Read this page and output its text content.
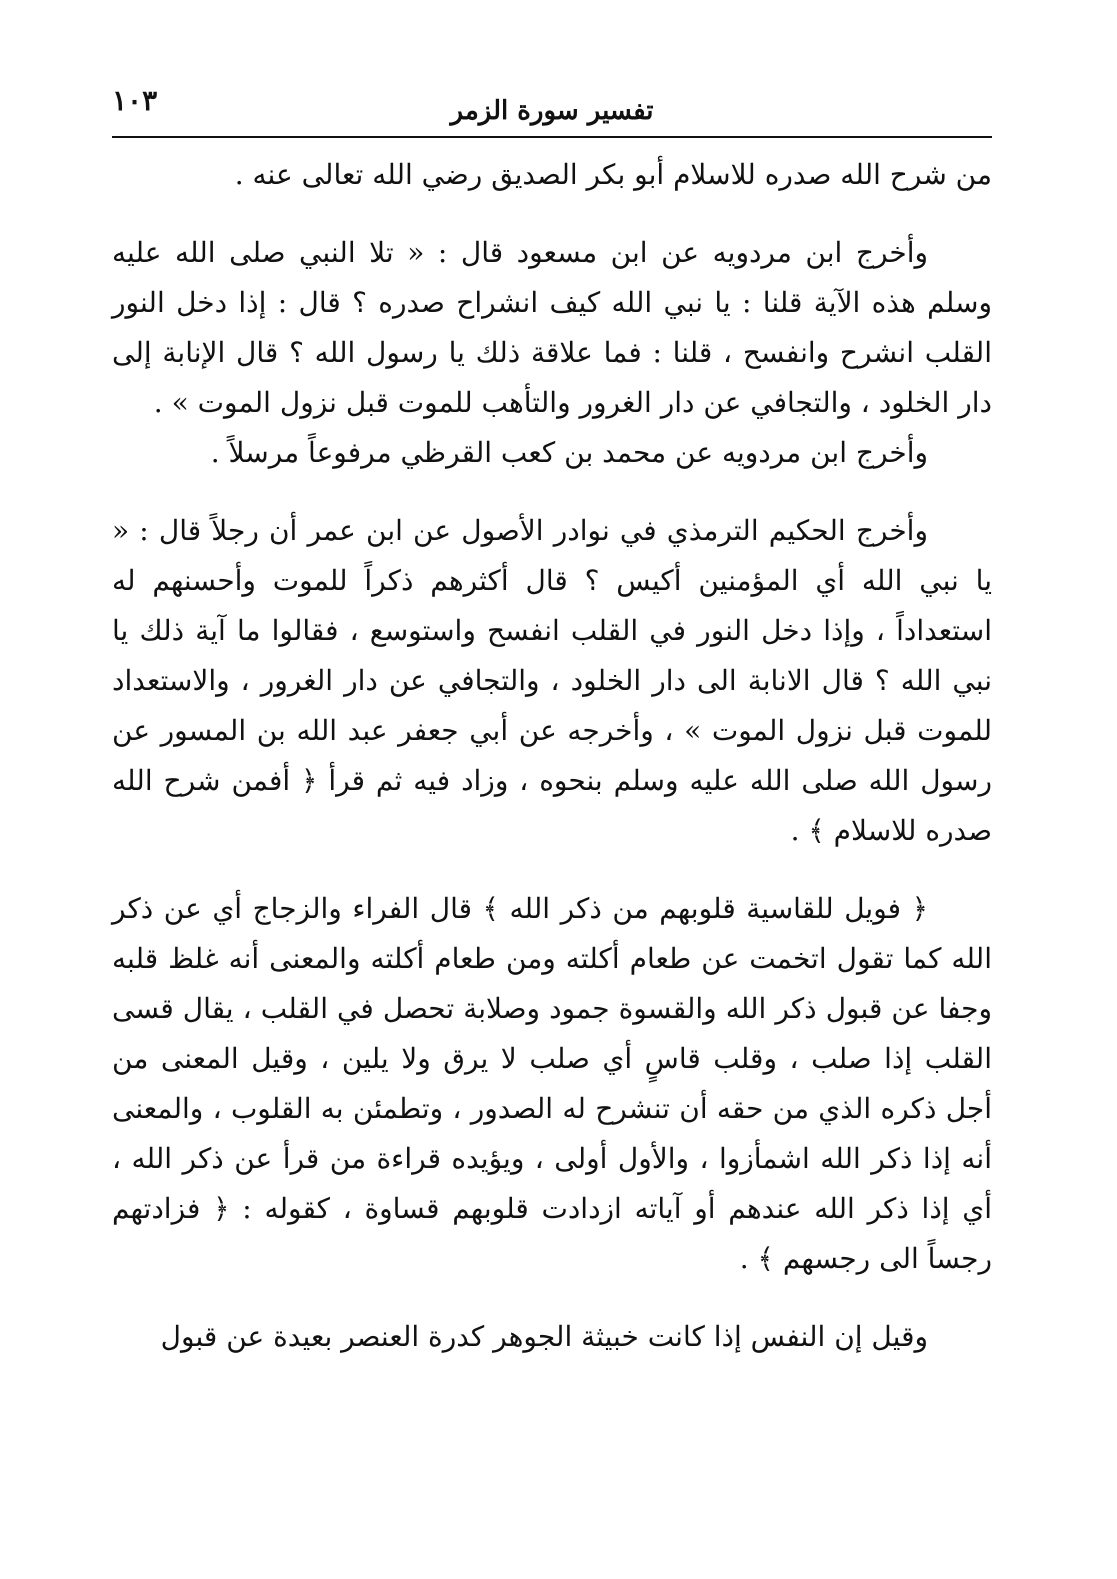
١٠٣	تفسير سورة الزمر

من شرح الله صدره للاسلام أبو بكر الصديق رضي الله تعالى عنه .

وأخرج ابن مردويه عن ابن مسعود قال : « تلا النبي صلى الله عليه وسلم هذه الآية قلنا : يا نبي الله كيف انشراح صدره ؟ قال : إذا دخل النور القلب انشرح وانفسح ، قلنا : فما علاقة ذلك يا رسول الله ؟ قال الإنابة إلى دار الخلود ، والتجافي عن دار الغرور والتأهب للموت قبل نزول الموت » .

وأخرج ابن مردويه عن محمد بن كعب القرظي مرفوعاً مرسلاً .

وأخرج الحكيم الترمذي في نوادر الأصول عن ابن عمر أن رجلاً قال : « يا نبي الله أي المؤمنين أكيس ؟ قال أكثرهم ذكراً للموت وأحسنهم له استعداداً ، وإذا دخل النور في القلب انفسح واستوسع ، فقالوا ما آية ذلك يا نبي الله ؟ قال الانابة الى دار الخلود ، والتجافي عن دار الغرور ، والاستعداد للموت قبل نزول الموت » ، وأخرجه عن أبي جعفر عبد الله بن المسور عن رسول الله صلى الله عليه وسلم بنحوه ، وزاد فيه ثم قرأ ﴿ أفمن شرح الله صدره للاسلام ﴾ .

﴿ فويل للقاسية قلوبهم من ذكر الله ﴾ قال الفراء والزجاج أي عن ذكر الله كما تقول اتخمت عن طعام أكلته ومن طعام أكلته والمعنى أنه غلظ قلبه وجفا عن قبول ذكر الله والقسوة جمود وصلابة تحصل في القلب ، يقال قسى القلب إذا صلب ، وقلب قاسٍ أي صلب لا يرق ولا يلين ، وقيل المعنى من أجل ذكره الذي من حقه أن تنشرح له الصدور ، وتطمئن به القلوب ، والمعنى أنه إذا ذكر الله اشمأزوا ، والأول أولى ، ويؤيده قراءة من قرأ عن ذكر الله ، أي إذا ذكر الله عندهم أو آياته ازدادت قلوبهم قساوة ، كقوله : ﴿ فزادتهم رجساً الى رجسهم ﴾ .

وقيل إن النفس إذا كانت خبيثة الجوهر كدرة العنصر بعيدة عن قبول
